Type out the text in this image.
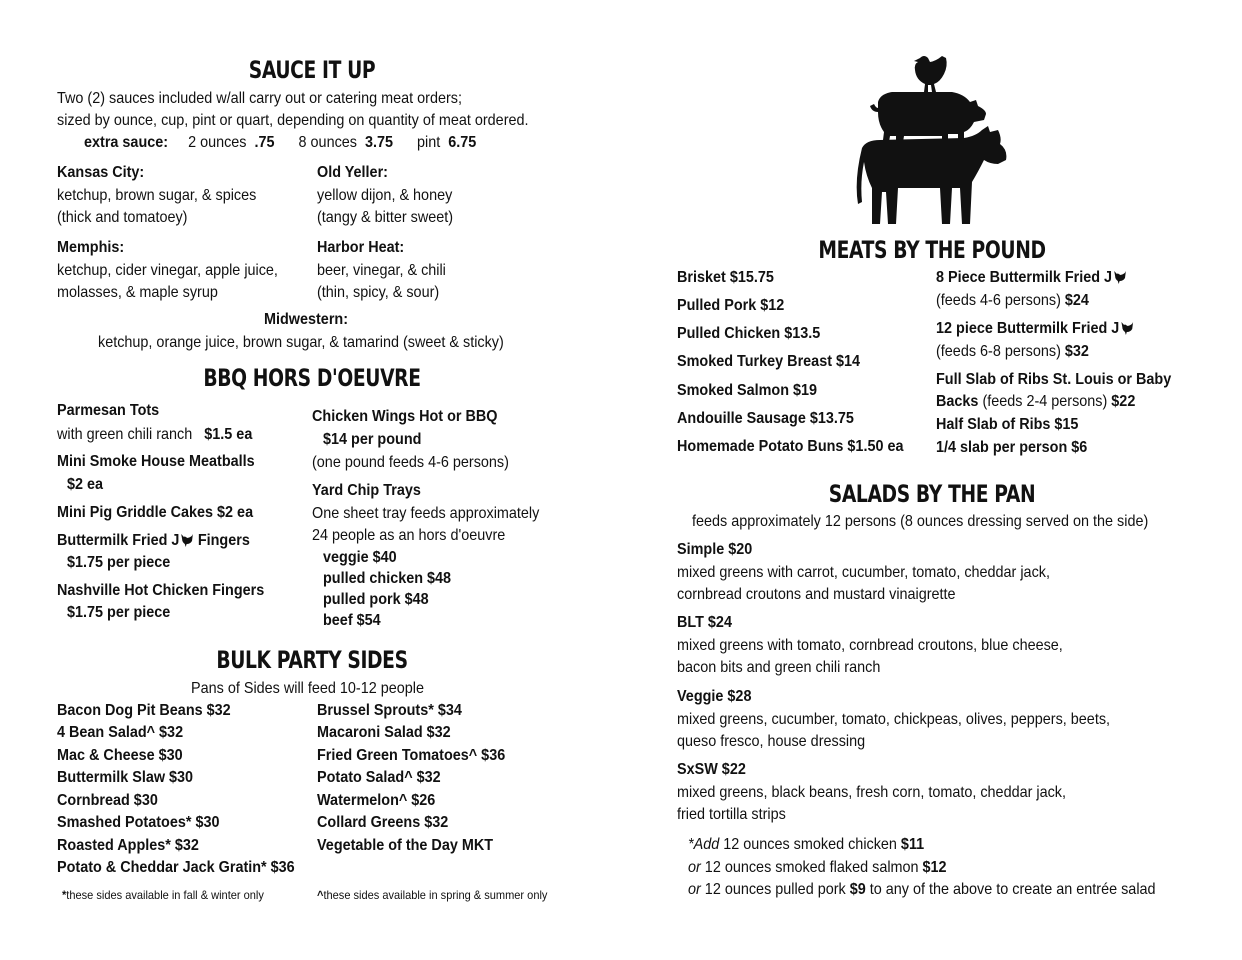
SAUCE IT UP
Two (2) sauces included w/all carry out or catering meat orders;
sized by ounce, cup, pint or quart, depending on quantity of meat ordered.
extra sauce: 2 ounces .75 8 ounces 3.75 pint 6.75
Kansas City:
ketchup, brown sugar, & spices
(thick and tomatoey)
Old Yeller:
yellow dijon, & honey
(tangy & bitter sweet)
Memphis:
ketchup, cider vinegar, apple juice,
molasses, & maple syrup
Harbor Heat:
beer, vinegar, & chili
(thin, spicy, & sour)
Midwestern:
ketchup, orange juice, brown sugar, & tamarind (sweet & sticky)
BBQ HORS D'OEUVRE
Parmesan Tots
with green chili ranch $1.5 ea
Mini Smoke House Meatballs
$2 ea
Mini Pig Griddle Cakes $2 ea
Buttermilk Fried J Fingers
$1.75 per piece
Nashville Hot Chicken Fingers
$1.75 per piece
Chicken Wings Hot or BBQ
$14 per pound
(one pound feeds 4-6 persons)
Yard Chip Trays
One sheet tray feeds approximately
24 people as an hors d'oeuvre
veggie $40
pulled chicken $48
pulled pork $48
beef $54
BULK PARTY SIDES
Pans of Sides will feed 10-12 people
Bacon Dog Pit Beans $32
4 Bean Salad^ $32
Mac & Cheese $30
Buttermilk Slaw $30
Cornbread $30
Smashed Potatoes* $30
Roasted Apples* $32
Potato & Cheddar Jack Gratin* $36
Brussel Sprouts* $34
Macaroni Salad $32
Fried Green Tomatoes^ $36
Potato Salad^ $32
Watermelon^ $26
Collard Greens $32
Vegetable of the Day MKT
*these sides available in fall & winter only	^these sides available in spring & summer only
MEATS BY THE POUND
Brisket $15.75
Pulled Pork $12
Pulled Chicken $13.5
Smoked Turkey Breast $14
Smoked Salmon $19
Andouille Sausage $13.75
Homemade Potato Buns $1.50 ea
8 Piece Buttermilk Fried J
(feeds 4-6 persons) $24
12 piece Buttermilk Fried J
(feeds 6-8 persons) $32
Full Slab of Ribs St. Louis or Baby
Backs (feeds 2-4 persons) $22
Half Slab of Ribs $15
1/4 slab per person $6
SALADS BY THE PAN
feeds approximately 12 persons (8 ounces dressing served on the side)
Simple $20
mixed greens with carrot, cucumber, tomato, cheddar jack,
cornbread croutons and mustard vinaigrette
BLT $24
mixed greens with tomato, cornbread croutons, blue cheese,
bacon bits and green chili ranch
Veggie $28
mixed greens, cucumber, tomato, chickpeas, olives, peppers, beets,
queso fresco, house dressing
SxSW $22
mixed greens, black beans, fresh corn, tomato, cheddar jack,
fried tortilla strips
*Add 12 ounces smoked chicken $11
or 12 ounces smoked flaked salmon $12
or 12 ounces pulled pork $9 to any of the above to create an entrée salad
